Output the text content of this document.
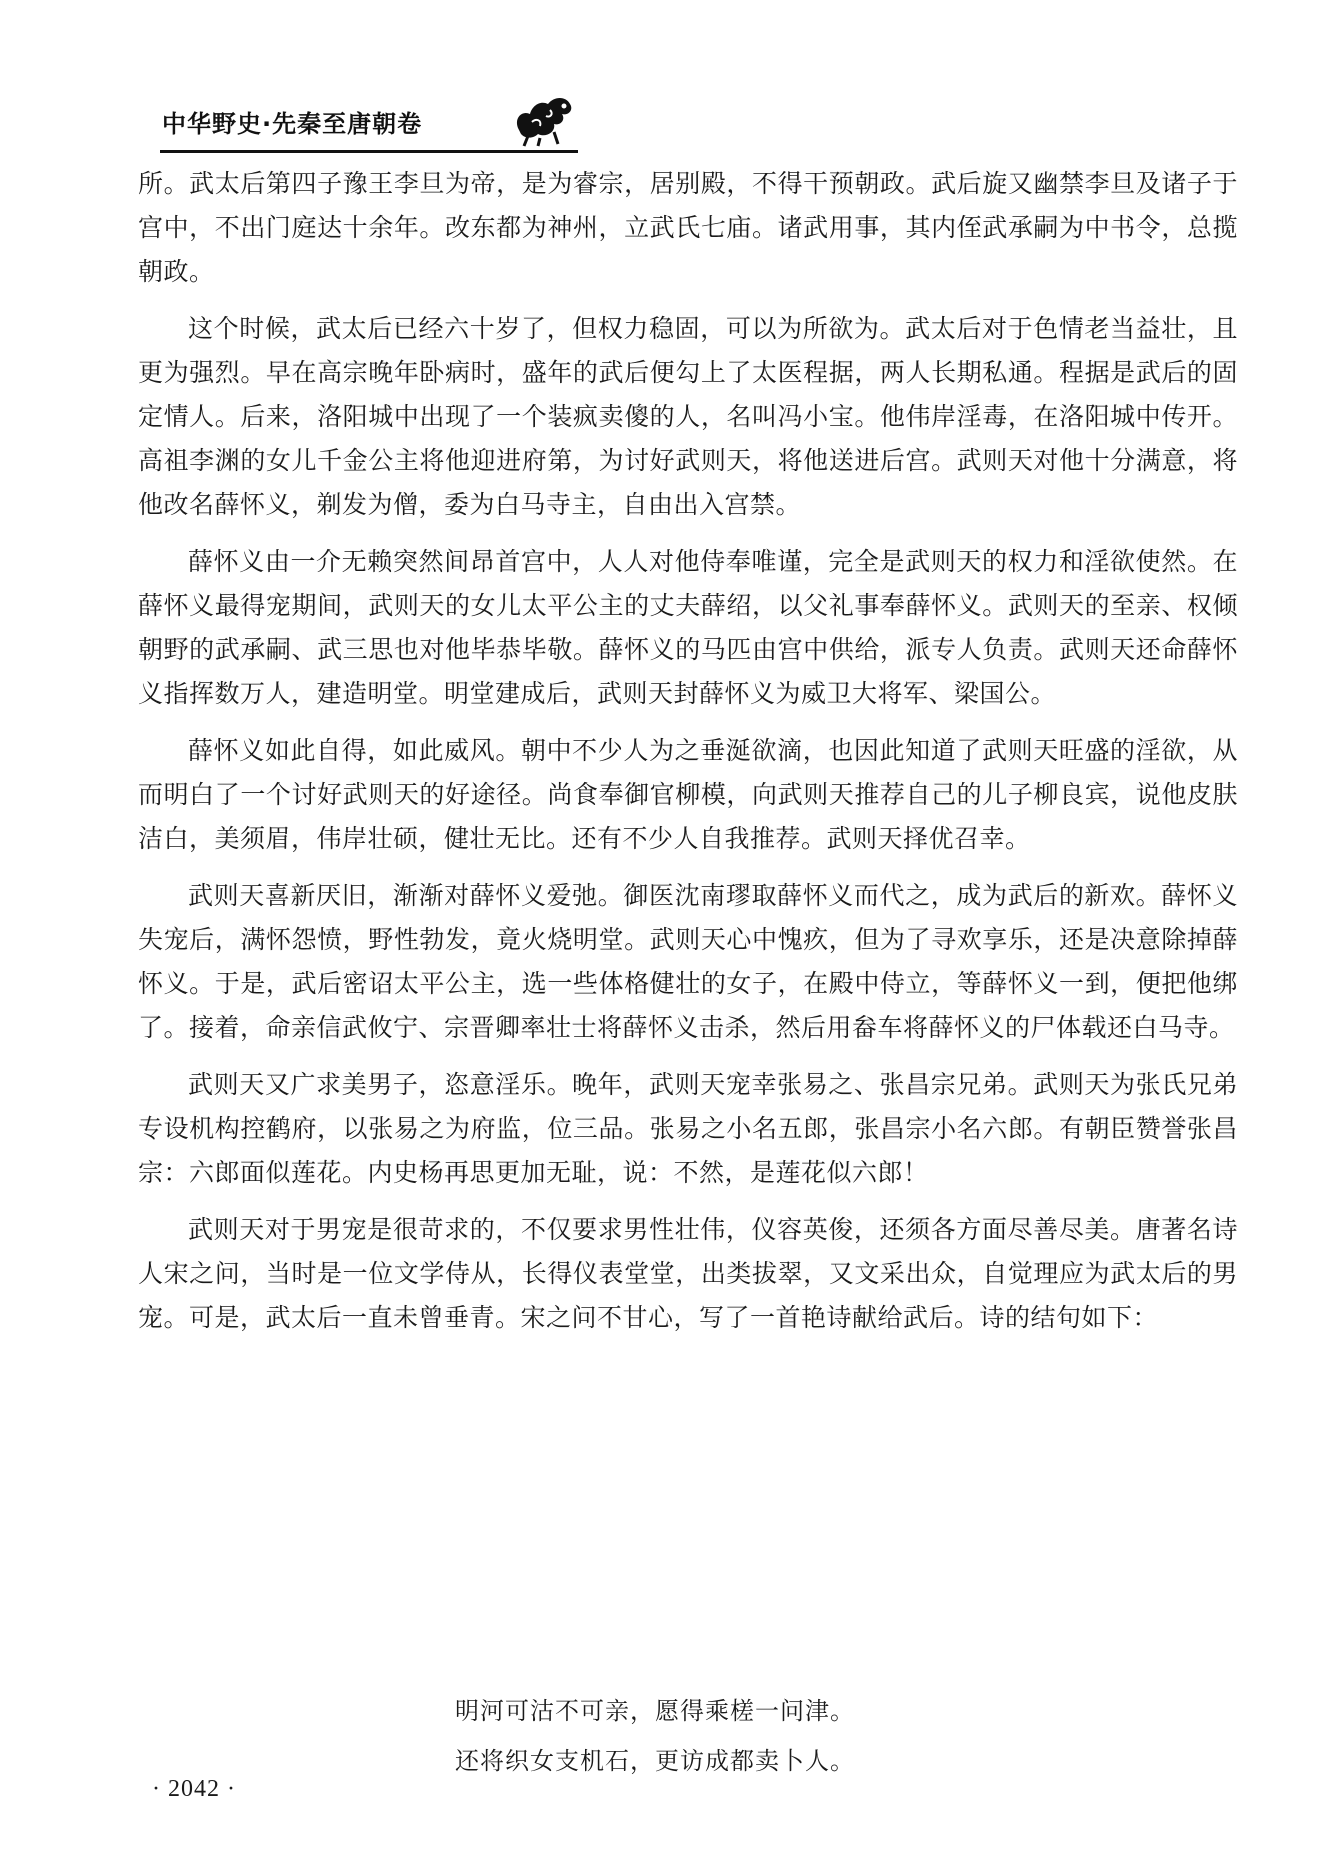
中华野史·先秦至唐朝卷

所。武太后第四子豫王李旦为帝，是为睿宗，居别殿，不得干预朝政。武后旋又幽禁李旦及诸子于宫中，不出门庭达十余年。改东都为神州，立武氏七庙。诸武用事，其内侄武承嗣为中书令，总揽朝政。

这个时候，武太后已经六十岁了，但权力稳固，可以为所欲为。武太后对于色情老当益壮，且更为强烈。早在高宗晚年卧病时，盛年的武后便勾上了太医程据，两人长期私通。程据是武后的固定情人。后来，洛阳城中出现了一个装疯卖傻的人，名叫冯小宝。他伟岸淫毒，在洛阳城中传开。高祖李渊的女儿千金公主将他迎进府第，为讨好武则天，将他送进后宫。武则天对他十分满意，将他改名薛怀义，剃发为僧，委为白马寺主，自由出入宫禁。

薛怀义由一介无赖突然间昂首宫中，人人对他侍奉唯谨，完全是武则天的权力和淫欲使然。在薛怀义最得宠期间，武则天的女儿太平公主的丈夫薛绍，以父礼事奉薛怀义。武则天的至亲、权倾朝野的武承嗣、武三思也对他毕恭毕敬。薛怀义的马匹由宫中供给，派专人负责。武则天还命薛怀义指挥数万人，建造明堂。明堂建成后，武则天封薛怀义为威卫大将军、梁国公。

薛怀义如此自得，如此威风。朝中不少人为之垂涎欲滴，也因此知道了武则天旺盛的淫欲，从而明白了一个讨好武则天的好途径。尚食奉御官柳模，向武则天推荐自己的儿子柳良宾，说他皮肤洁白，美须眉，伟岸壮硕，健壮无比。还有不少人自我推荐。武则天择优召幸。

武则天喜新厌旧，渐渐对薛怀义爱弛。御医沈南璆取薛怀义而代之，成为武后的新欢。薛怀义失宠后，满怀怨愤，野性勃发，竟火烧明堂。武则天心中愧疚，但为了寻欢享乐，还是决意除掉薛怀义。于是，武后密诏太平公主，选一些体格健壮的女子，在殿中侍立，等薛怀义一到，便把他绑了。接着，命亲信武攸宁、宗晋卿率壮士将薛怀义击杀，然后用畚车将薛怀义的尸体载还白马寺。

武则天又广求美男子，恣意淫乐。晚年，武则天宠幸张易之、张昌宗兄弟。武则天为张氏兄弟专设机构控鹤府，以张易之为府监，位三品。张易之小名五郎，张昌宗小名六郎。有朝臣赞誉张昌宗：六郎面似莲花。内史杨再思更加无耻，说：不然，是莲花似六郎！

武则天对于男宠是很苛求的，不仅要求男性壮伟，仪容英俊，还须各方面尽善尽美。唐著名诗人宋之问，当时是一位文学侍从，长得仪表堂堂，出类拔翠，又文采出众，自觉理应为武太后的男宠。可是，武太后一直未曾垂青。宋之问不甘心，写了一首艳诗献给武后。诗的结句如下：

明河可沽不可亲，愿得乘槎一问津。

还将织女支机石，更访成都卖卜人。

· 2042 ·
